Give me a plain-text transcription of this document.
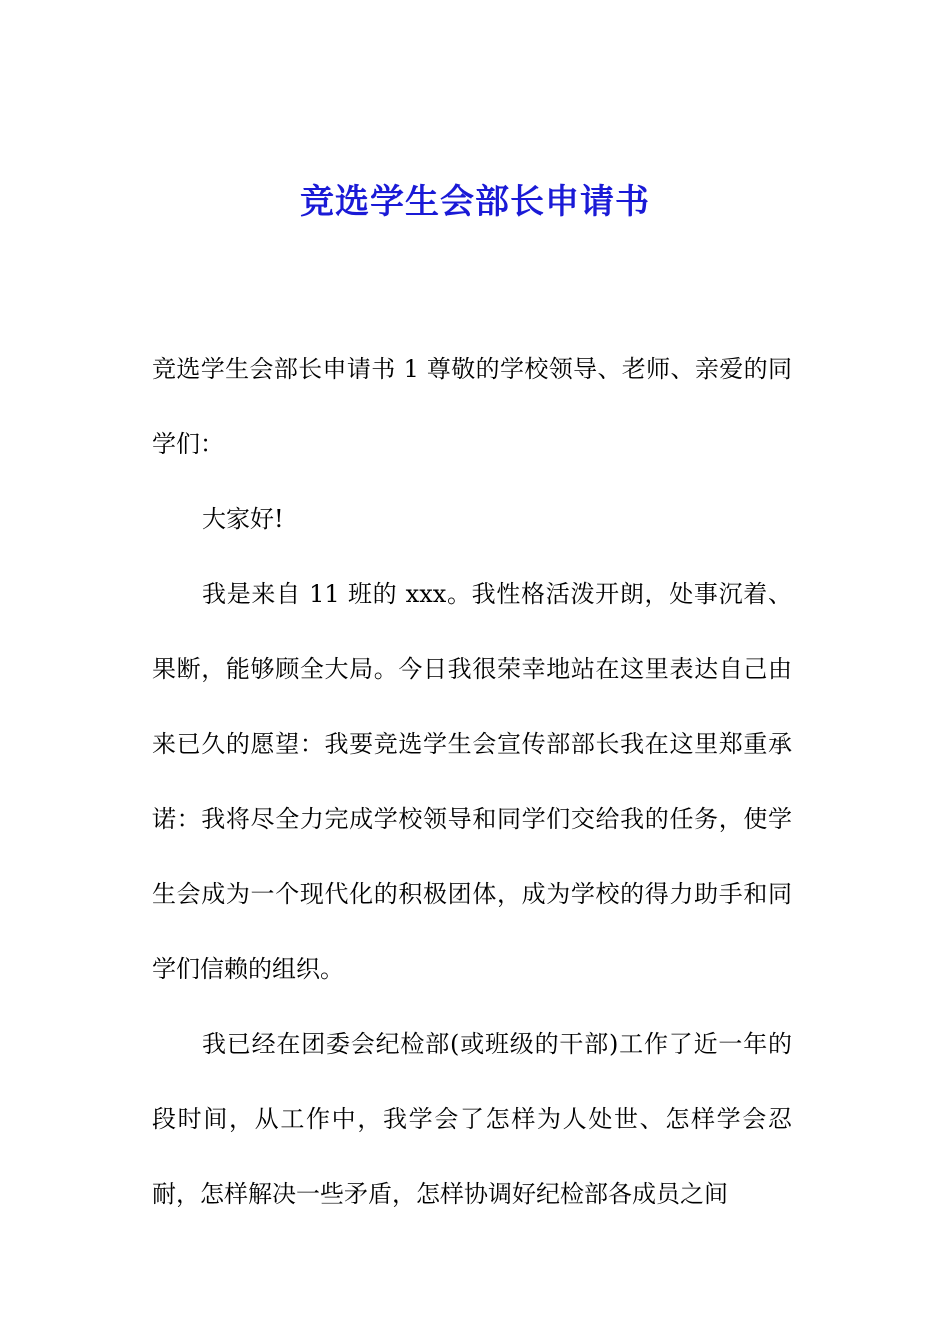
竞选学生会部长申请书

竞选学生会部长申请书 1 尊敬的学校领导、老师、亲爱的同学们：

大家好!

我是来自 11 班的 xxx。我性格活泼开朗，处事沉着、果断，能够顾全大局。今日我很荣幸地站在这里表达自己由来已久的愿望：我要竞选学生会宣传部部长我在这里郑重承诺：我将尽全力完成学校领导和同学们交给我的任务，使学生会成为一个现代化的积极团体，成为学校的得力助手和同学们信赖的组织。

我已经在团委会纪检部(或班级的干部)工作了近一年的段时间，从工作中，我学会了怎样为人处世、怎样学会忍耐，怎样解决一些矛盾，怎样协调好纪检部各成员之间
